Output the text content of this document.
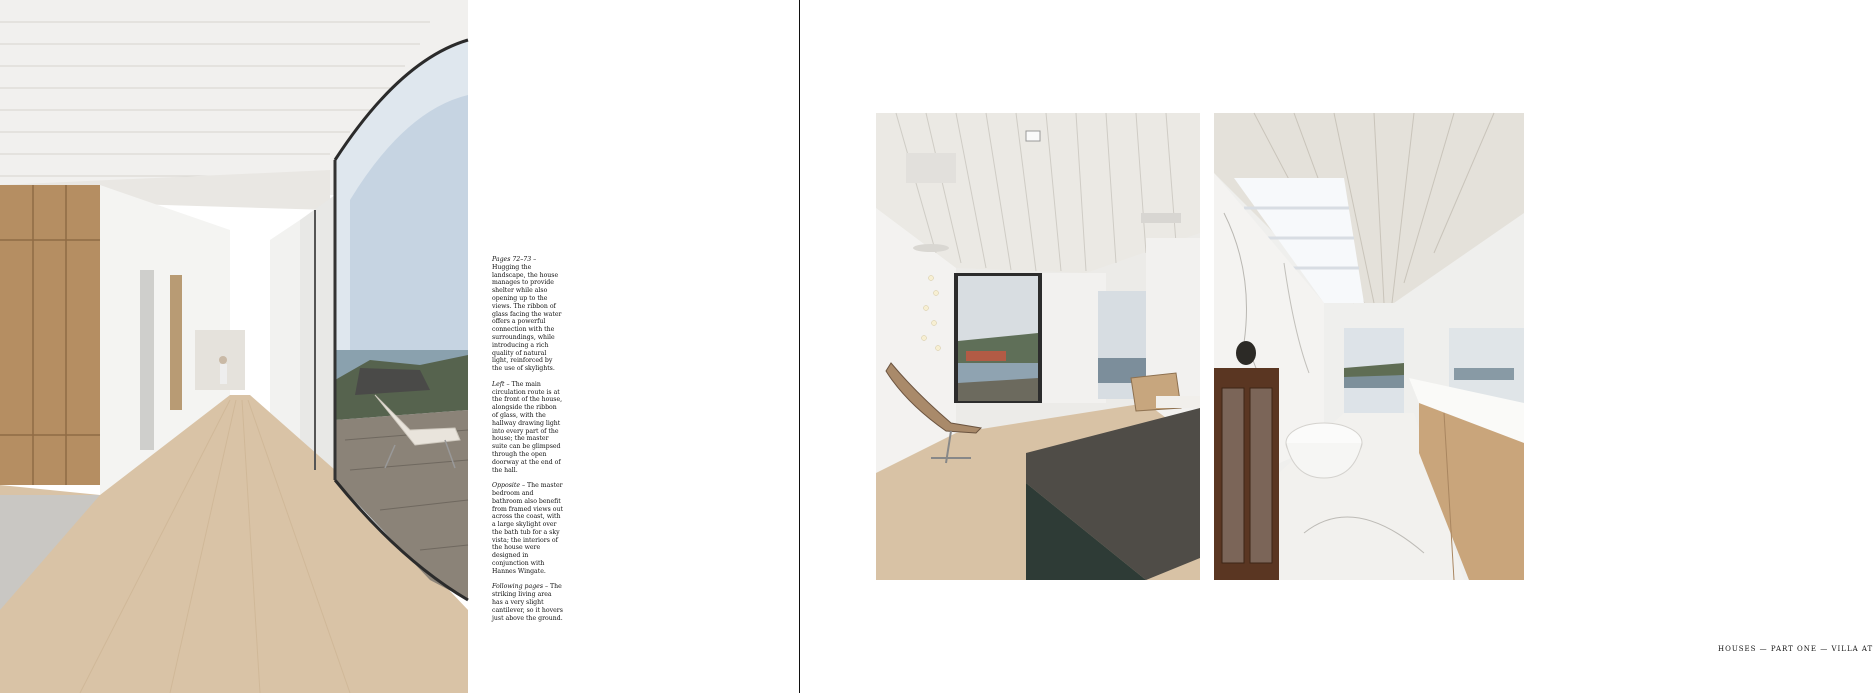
Pages 72–73 – Hugging the landscape, the house manages to provide shelter while also opening up to the views. The ribbon of glass facing the water offers a powerful connection with the surroundings, while introducing a rich quality of natural light, reinforced by the use of skylights.

Left – The main circulation route is at the front of the house, alongside the ribbon of glass, with the hallway drawing light into every part of the house; the master suite can be glimpsed through the open doorway at the end of the hall.

Opposite – The master bedroom and bathroom also benefit from framed views out across the coast, with a large skylight over the bath tub for a sky vista; the interiors of the house were designed in conjunction with Hannes Wingate.

Following pages – The striking living area has a very slight cantilever, so it hovers just above the ground.

HOUSES — PART ONE — VILLA AT
